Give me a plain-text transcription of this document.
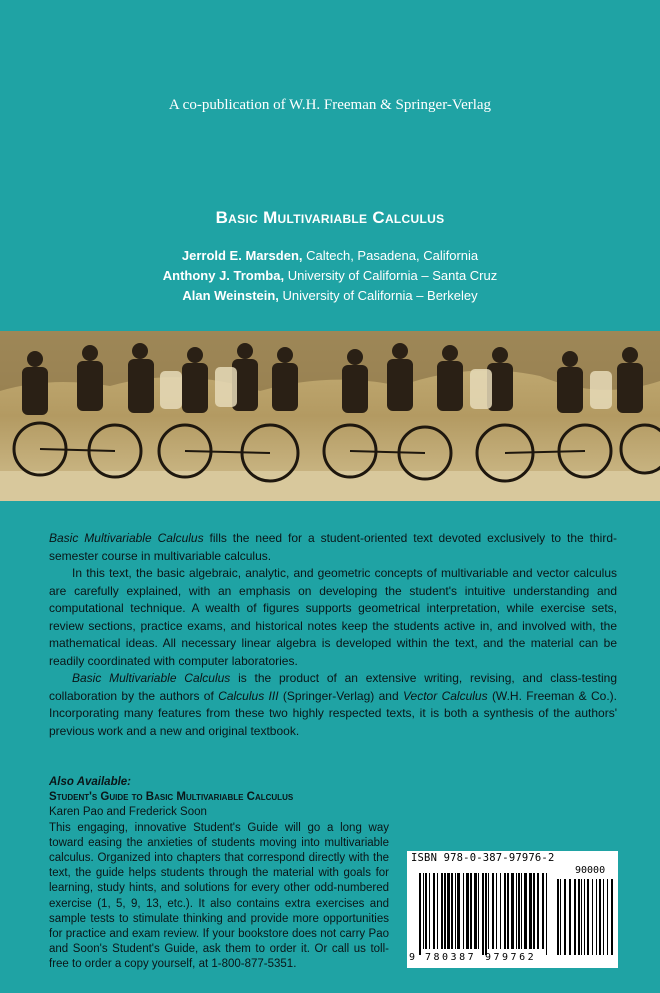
A co-publication of W.H. Freeman & Springer-Verlag
Basic Multivariable Calculus
Jerrold E. Marsden, Caltech, Pasadena, California
Anthony J. Tromba, University of California – Santa Cruz
Alan Weinstein, University of California – Berkeley

Basic Multivariable Calculus fills the need for a student-oriented text devoted exclusively to the third-semester course in multivariable calculus.

In this text, the basic algebraic, analytic, and geometric concepts of multivariable and vector calculus are carefully explained, with an emphasis on developing the student's intuitive understanding and computational technique. A wealth of figures supports geometrical interpretation, while exercise sets, review sections, practice exams, and historical notes keep the students active in, and involved with, the mathematical ideas. All necessary linear algebra is developed within the text, and the material can be readily coordinated with computer laboratories.

Basic Multivariable Calculus is the product of an extensive writing, revising, and class-testing collaboration by the authors of Calculus III (Springer-Verlag) and Vector Calculus (W.H. Freeman & Co.). Incorporating many features from these two highly respected texts, it is both a synthesis of the authors' previous work and a new and original textbook.

Also Available:
Student's Guide to Basic Multivariable Calculus
Karen Pao and Frederick Soon
This engaging, innovative Student's Guide will go a long way toward easing the anxieties of students moving into multivariable calculus. Organized into chapters that correspond directly with the text, the guide helps students through the material with goals for learning, study hints, and solutions for every other odd-numbered exercise (1, 5, 9, 13, etc.). It also contains extra exercises and sample tests to stimulate thinking and provide more opportunities for practice and exam review. If your bookstore does not carry Pao and Soon's Student's Guide, ask them to order it. Or call us toll-free to order a copy yourself, at 1-800-877-5351.
ISBN 978-0-387-97976-2
90000
9 780387 979762
